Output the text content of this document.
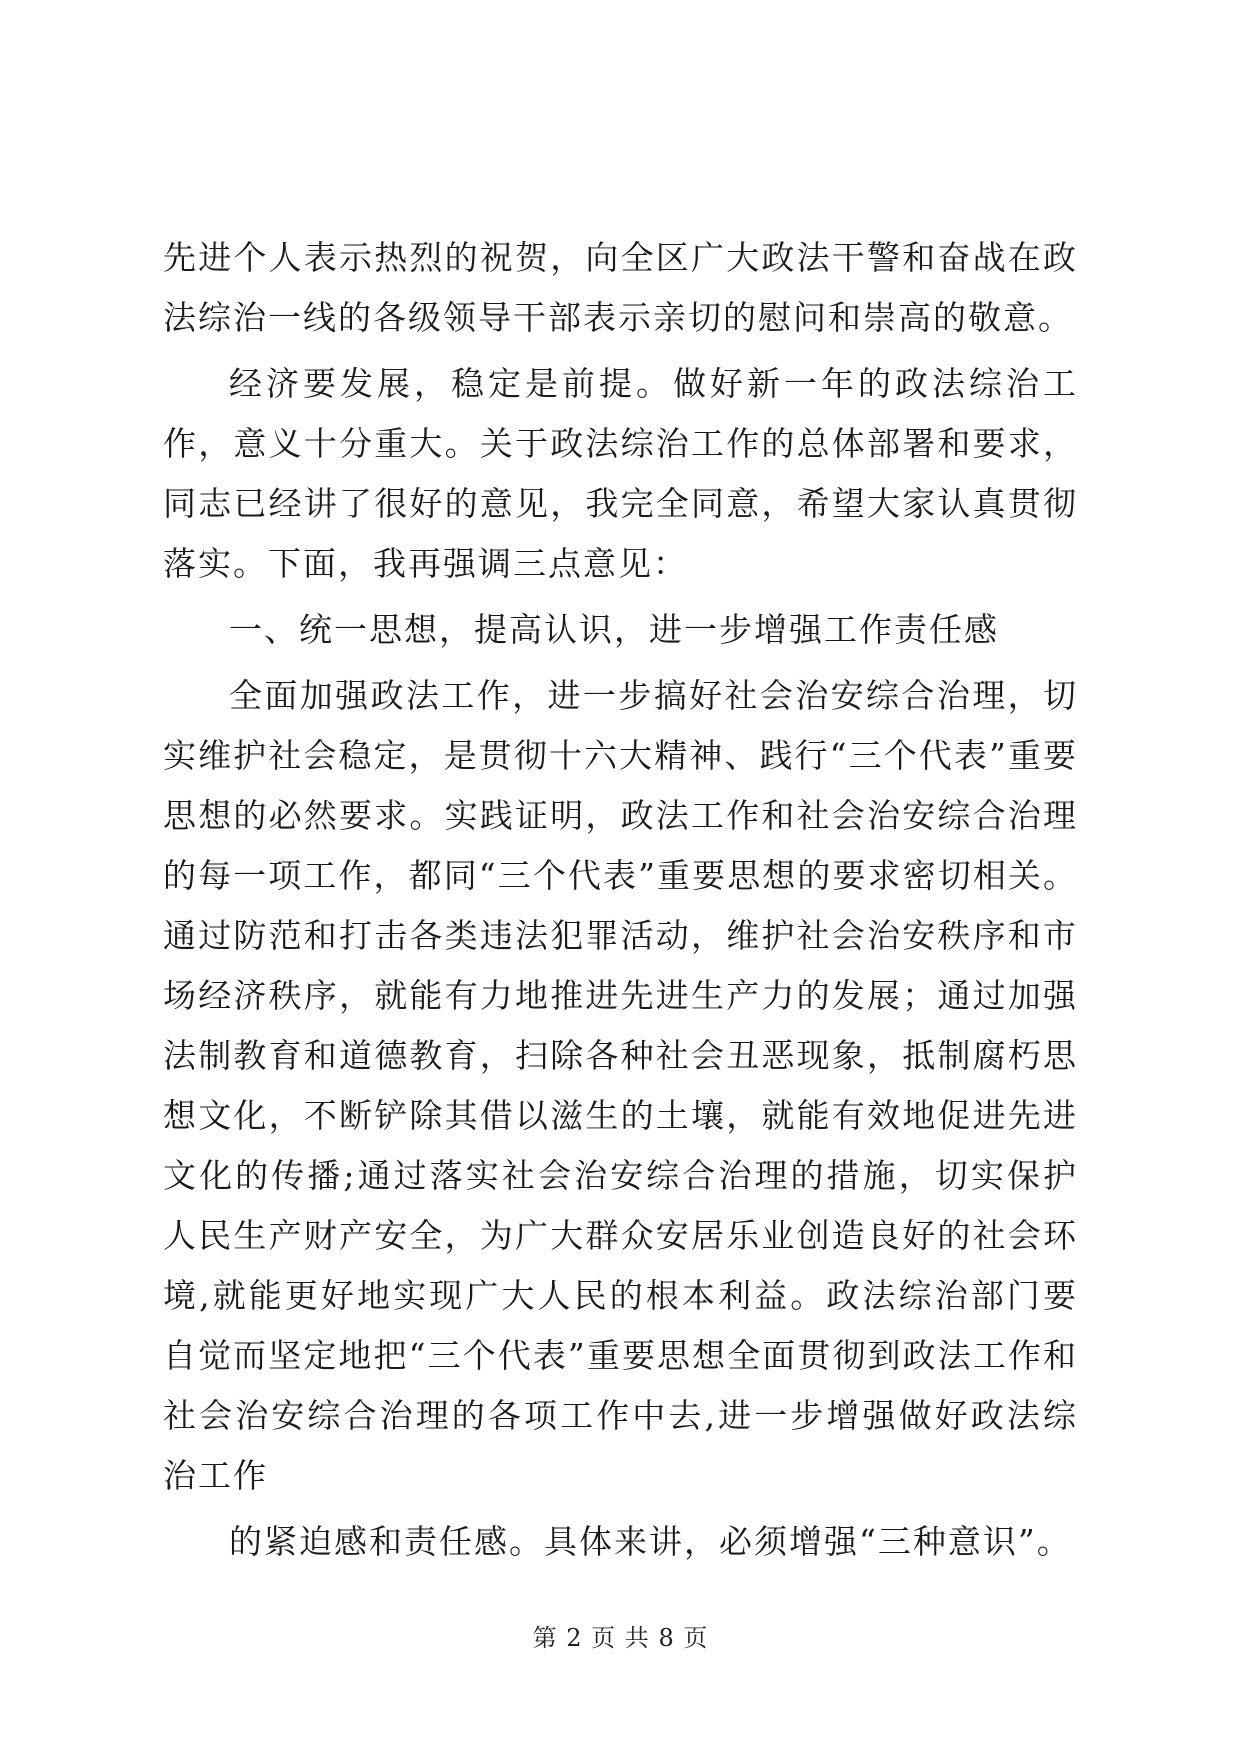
先进个人表示热烈的祝贺，向全区广大政法干警和奋战在政法综治一线的各级领导干部表示亲切的慰问和崇高的敬意。

经济要发展，稳定是前提。做好新一年的政法综治工作，意义十分重大。关于政法综治工作的总体部署和要求，同志已经讲了很好的意见，我完全同意，希望大家认真贯彻落实。下面，我再强调三点意见：

一、统一思想，提高认识，进一步增强工作责任感

全面加强政法工作，进一步搞好社会治安综合治理，切实维护社会稳定，是贯彻十六大精神、践行“三个代表”重要思想的必然要求。实践证明，政法工作和社会治安综合治理的每一项工作，都同“三个代表”重要思想的要求密切相关。通过防范和打击各类违法犯罪活动，维护社会治安秩序和市场经济秩序，就能有力地推进先进生产力的发展；通过加强法制教育和道德教育，扫除各种社会丑恶现象，抵制腐朽思想文化，不断铲除其借以滋生的土壤，就能有效地促进先进文化的传播;通过落实社会治安综合治理的措施，切实保护人民生产财产安全，为广大群众安居乐业创造良好的社会环境,就能更好地实现广大人民的根本利益。政法综治部门要自觉而坚定地把“三个代表”重要思想全面贯彻到政法工作和社会治安综合治理的各项工作中去,进一步增强做好政法综治工作

的紧迫感和责任感。具体来讲，必须增强“三种意识”。

第 2 页 共 8 页
